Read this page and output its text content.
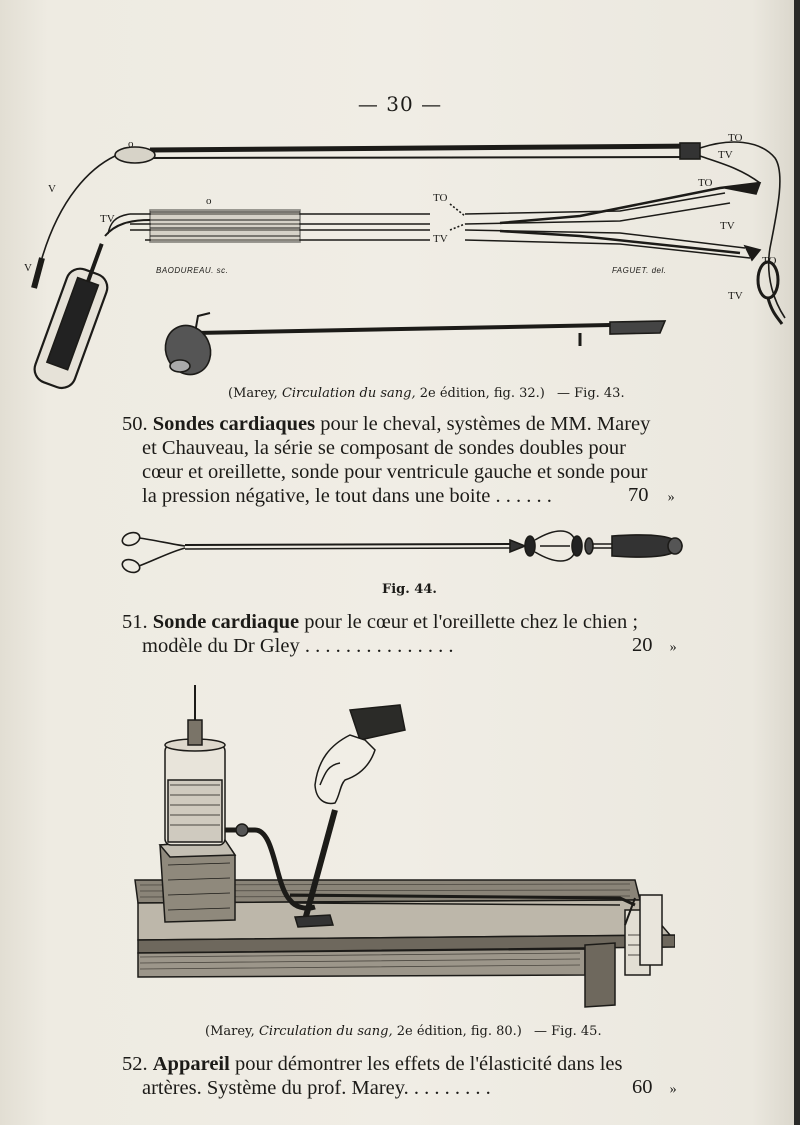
— 30 —
o
V
TV
V
o	TO
TV
TO
TV
TO
TV
TV
TO
BAODUREAU. sc.	FAGUET. del.
(Marey, Circulation du sang, 2e édition, fig. 32.) — Fig. 43.
50. Sondes cardiaques pour le cheval, systèmes de MM. Marey
et Chauveau, la série se composant de sondes doubles pour
cœur et oreillette, sonde pour ventricule gauche et sonde pour
la pression négative, le tout dans une boite . . . . . .	70 »
Fig. 44.
51. Sonde cardiaque pour le cœur et l'oreillette chez le chien ;
modèle du Dr Gley . . . . . . . . . . . . . . .	20 »
(Marey, Circulation du sang, 2e édition, fig. 80.) — Fig. 45.
52. Appareil pour démontrer les effets de l'élasticité dans les
artères. Système du prof. Marey. . . . . . . . .	60 »
